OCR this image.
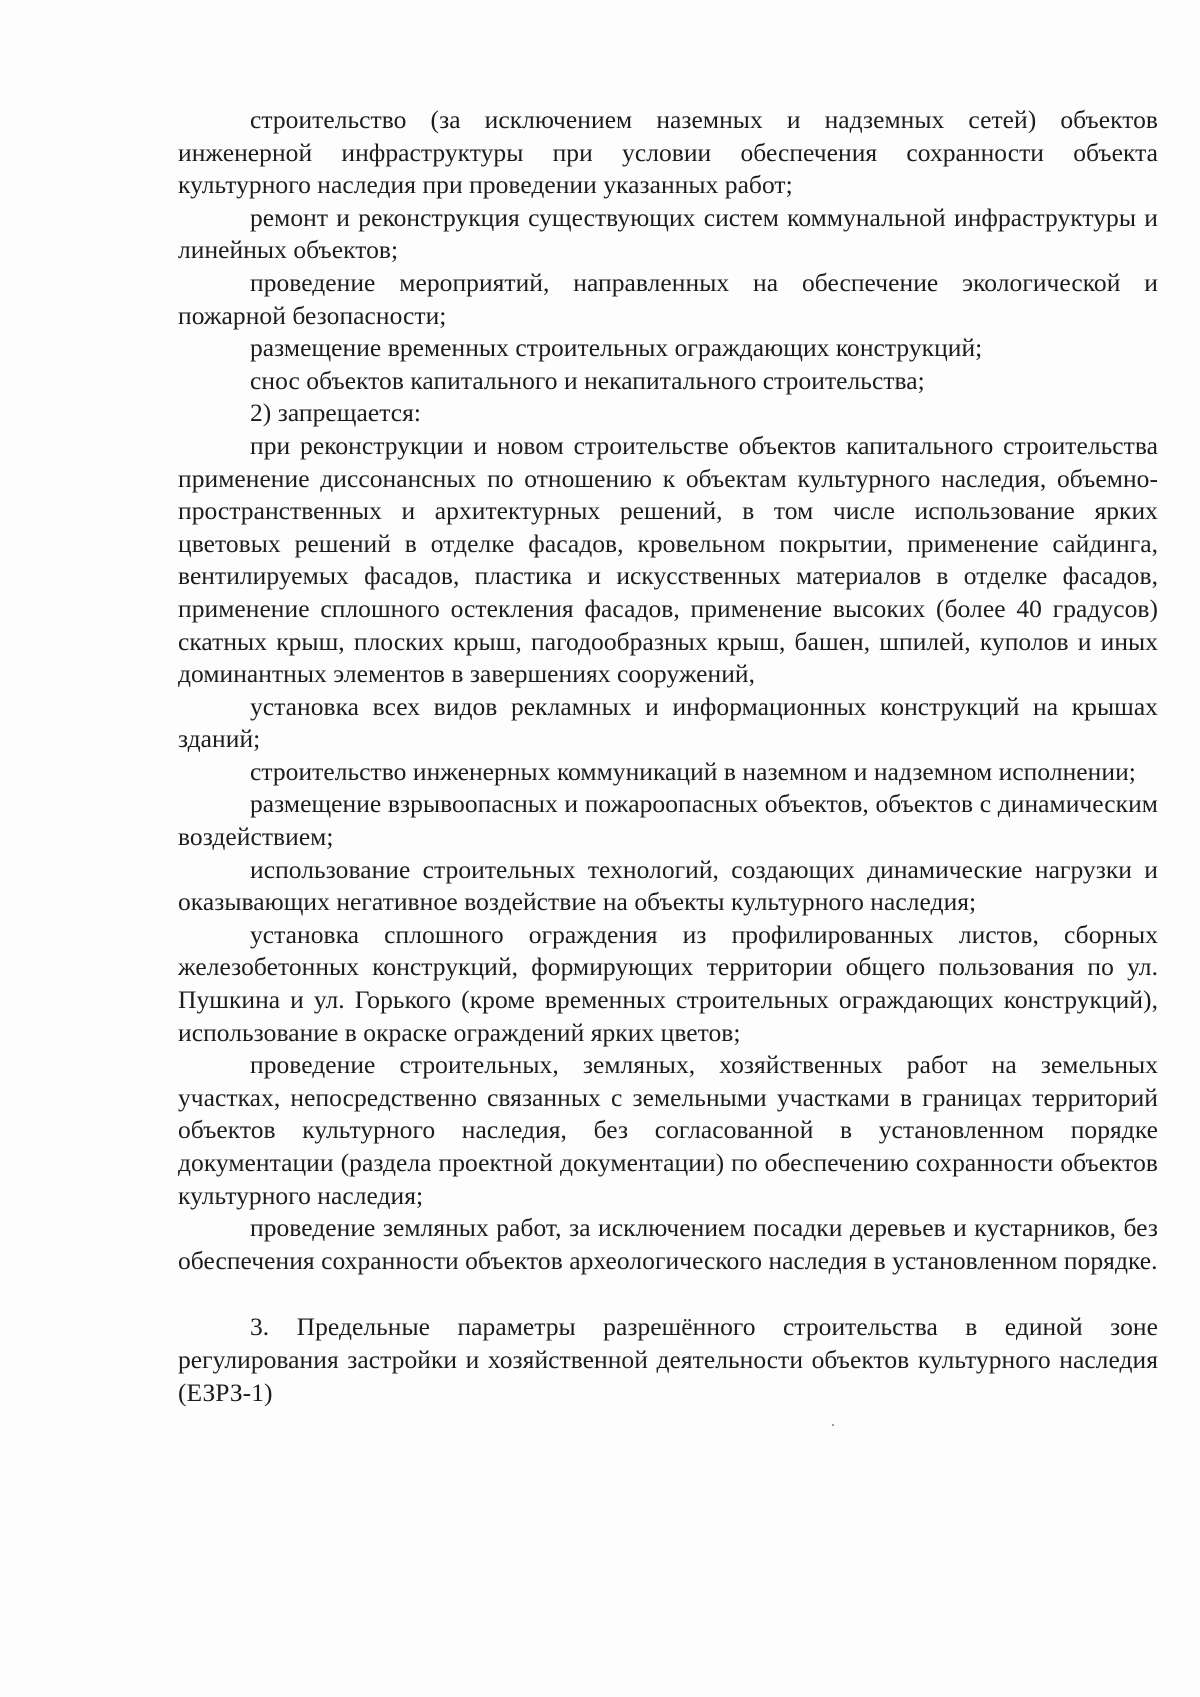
строительство (за исключением наземных и надземных сетей) объектов инженерной инфраструктуры при условии обеспечения сохранности объекта культурного наследия при проведении указанных работ;

ремонт и реконструкция существующих систем коммунальной инфраструктуры и линейных объектов;

проведение мероприятий, направленных на обеспечение экологической и пожарной безопасности;

размещение временных строительных ограждающих конструкций;

снос объектов капитального и некапитального строительства;

2) запрещается:

при реконструкции и новом строительстве объектов капитального строительства применение диссонансных по отношению к объектам культурного наследия, объемно-пространственных и архитектурных решений, в том числе использование ярких цветовых решений в отделке фасадов, кровельном покрытии, применение сайдинга, вентилируемых фасадов, пластика и искусственных материалов в отделке фасадов, применение сплошного остекления фасадов, применение высоких (более 40 градусов) скатных крыш, плоских крыш, пагодообразных крыш, башен, шпилей, куполов и иных доминантных элементов в завершениях сооружений,

установка всех видов рекламных и информационных конструкций на крышах зданий;

строительство инженерных коммуникаций в наземном и надземном исполнении;

размещение взрывоопасных и пожароопасных объектов, объектов с динамическим воздействием;

использование строительных технологий, создающих динамические нагрузки и оказывающих негативное воздействие на объекты культурного наследия;

установка сплошного ограждения из профилированных листов, сборных железобетонных конструкций, формирующих территории общего пользования по ул. Пушкина и ул. Горького (кроме временных строительных ограждающих конструкций), использование в окраске ограждений ярких цветов;

проведение строительных, земляных, хозяйственных работ на земельных участках, непосредственно связанных с земельными участками в границах территорий объектов культурного наследия, без согласованной в установленном порядке документации (раздела проектной документации) по обеспечению сохранности объектов культурного наследия;

проведение земляных работ, за исключением посадки деревьев и кустарников, без обеспечения сохранности объектов археологического наследия в установленном порядке.

3. Предельные параметры разрешённого строительства в единой зоне регулирования застройки и хозяйственной деятельности объектов культурного наследия (ЕЗРЗ-1)
